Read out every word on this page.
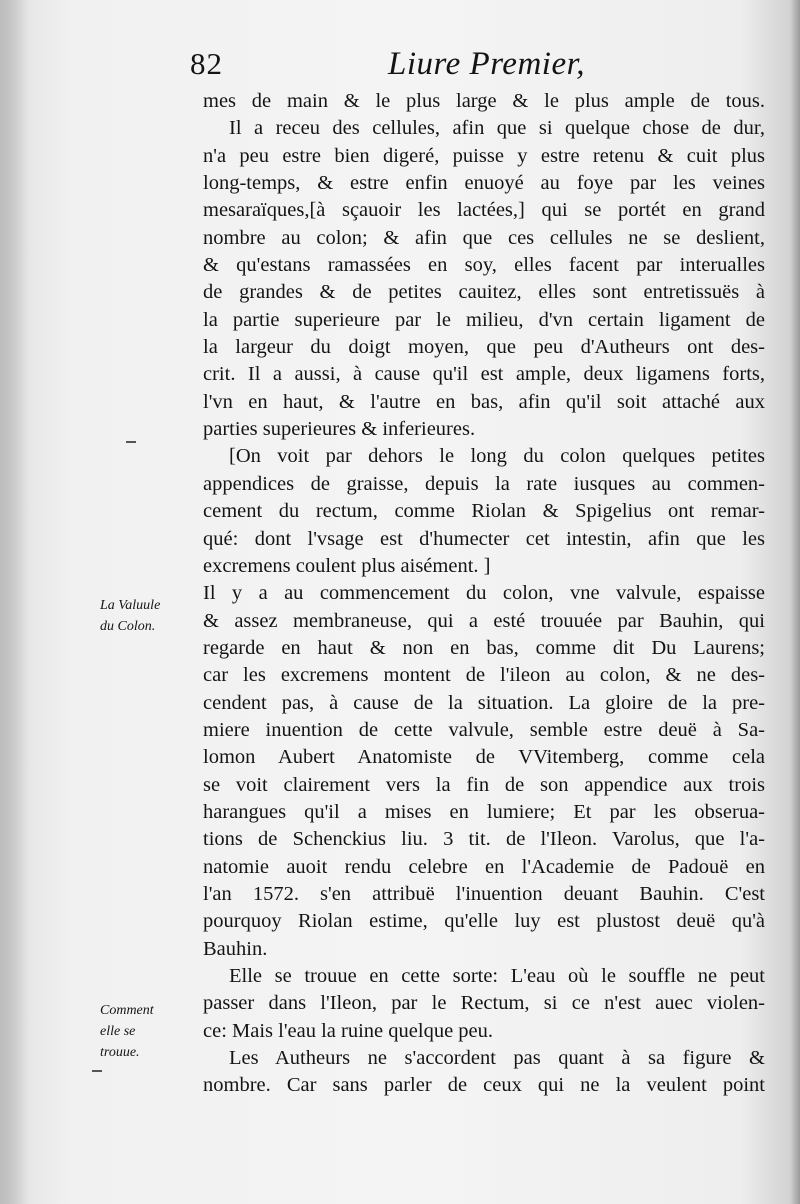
82	Liure Premier,
La Valuule
du Colon.
Comment
elle se
trouue.
mes de main & le plus large & le plus ample de tous.
Il a receu des cellules, afin que si quelque chose de dur,
n'a peu estre bien digeré, puisse y estre retenu & cuit plus
long-temps, & estre enfin enuoyé au foye par les veines
mesaraïques,[à sçauoir les lactées,] qui se portét en grand
nombre au colon; & afin que ces cellules ne se deslient,
& qu'estans ramassées en soy, elles facent par interualles
de grandes & de petites cauitez, elles sont entretissuës à
la partie superieure par le milieu, d'vn certain ligament de
la largeur du doigt moyen, que peu d'Autheurs ont des-
crit. Il a aussi, à cause qu'il est ample, deux ligamens forts,
l'vn en haut, & l'autre en bas, afin qu'il soit attaché aux
parties superieures & inferieures.
[On voit par dehors le long du colon quelques petites
appendices de graisse, depuis la rate iusques au commen-
cement du rectum, comme Riolan & Spigelius ont remar-
qué: dont l'vsage est d'humecter cet intestin, afin que les
excremens coulent plus aisément. ]
Il y a au commencement du colon, vne valvule, espaisse
& assez membraneuse, qui a esté trouuée par Bauhin, qui
regarde en haut & non en bas, comme dit Du Laurens;
car les excremens montent de l'ileon au colon, & ne des-
cendent pas, à cause de la situation. La gloire de la pre-
miere inuention de cette valvule, semble estre deuë à Sa-
lomon Aubert Anatomiste de VVitemberg, comme cela
se voit clairement vers la fin de son appendice aux trois
harangues qu'il a mises en lumiere; Et par les obserua-
tions de Schenckius liu. 3 tit. de l'Ileon. Varolus, que l'a-
natomie auoit rendu celebre en l'Academie de Padouë en
l'an 1572. s'en attribuë l'inuention deuant Bauhin. C'est
pourquoy Riolan estime, qu'elle luy est plustost deuë qu'à
Bauhin.
Elle se trouue en cette sorte: L'eau où le souffle ne peut
passer dans l'Ileon, par le Rectum, si ce n'est auec violen-
ce: Mais l'eau la ruine quelque peu.
Les Autheurs ne s'accordent pas quant à sa figure &
nombre. Car sans parler de ceux qui ne la veulent point
